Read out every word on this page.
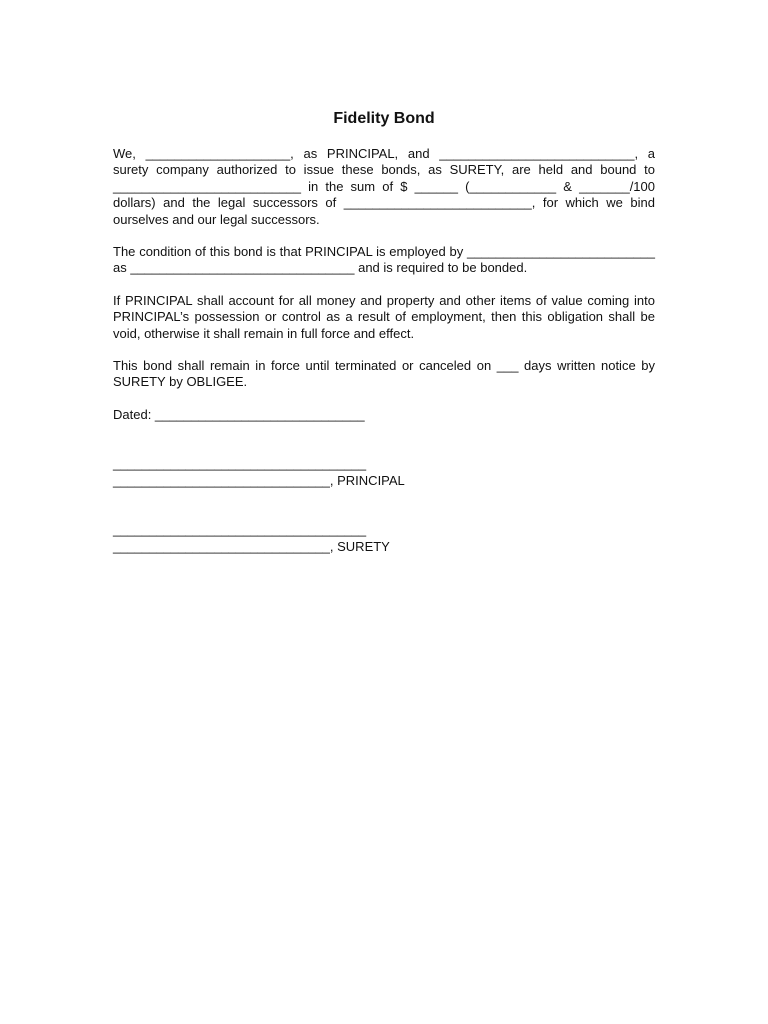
Fidelity Bond

We, ____________________, as PRINCIPAL, and ___________________________, a surety company authorized to issue these bonds, as SURETY, are held and bound to __________________________ in the sum of $ ______ (____________ & _______/100 dollars) and the legal successors of __________________________, for which we bind ourselves and our legal successors.

The condition of this bond is that PRINCIPAL is employed by __________________________ as _______________________________ and is required to be bonded.

If PRINCIPAL shall account for all money and property and other items of value coming into PRINCIPAL’s possession or control as a result of employment, then this obligation shall be void, otherwise it shall remain in full force and effect.

This bond shall remain in force until terminated or canceled on ___ days written notice by SURETY by OBLIGEE.

Dated: _____________________________
___________________________________
______________________________, PRINCIPAL
___________________________________
______________________________, SURETY
